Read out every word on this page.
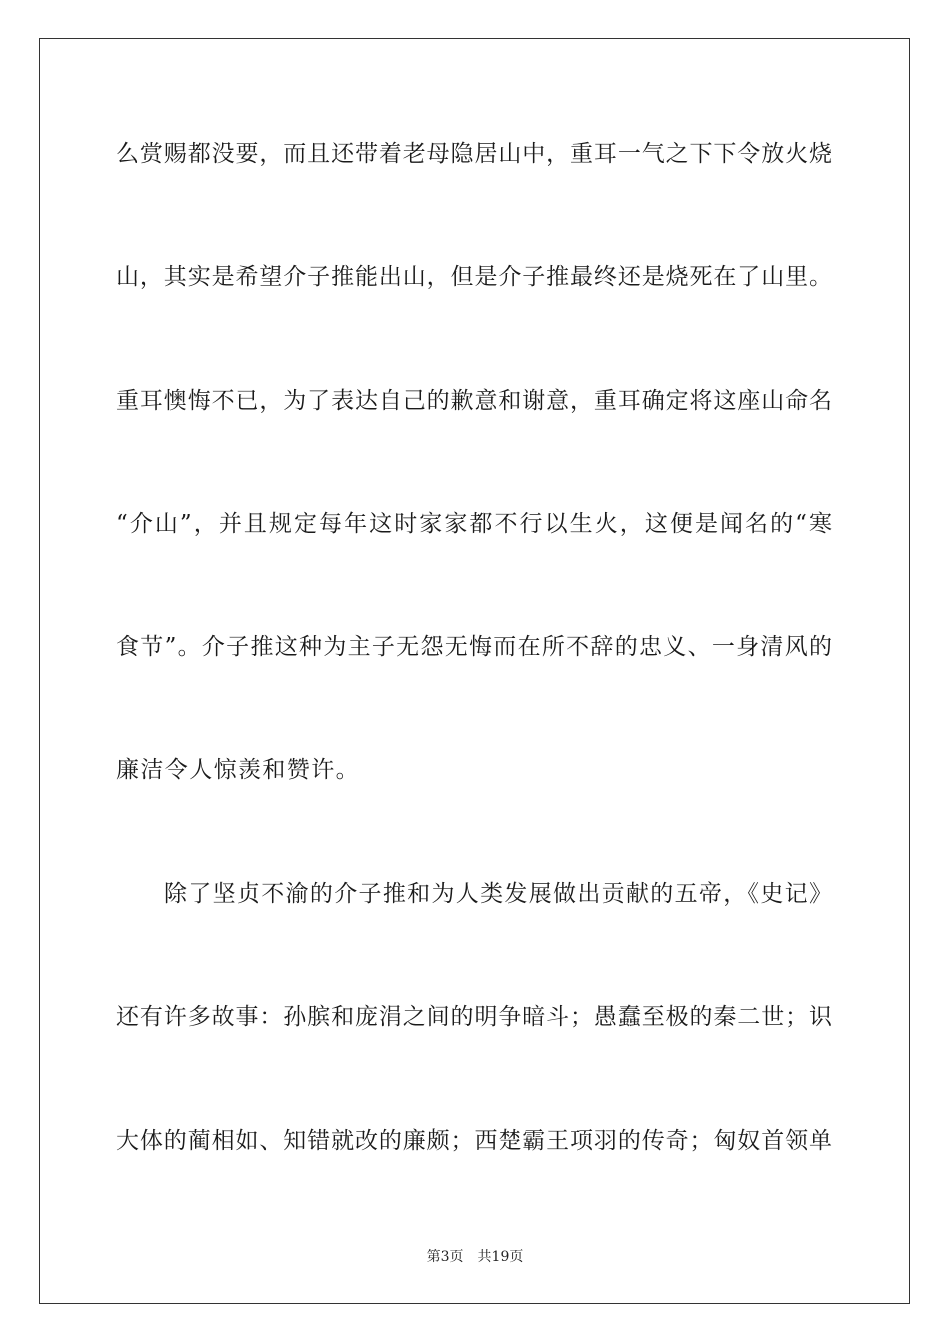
么赏赐都没要，而且还带着老母隐居山中，重耳一气之下下令放火烧
山，其实是希望介子推能出山，但是介子推最终还是烧死在了山里。
重耳懊悔不已，为了表达自己的歉意和谢意，重耳确定将这座山命名
“介山”，并且规定每年这时家家都不行以生火，这便是闻名的“寒
食节”。介子推这种为主子无怨无悔而在所不辞的忠义、一身清风的
廉洁令人惊羡和赞许。
除了坚贞不渝的介子推和为人类发展做出贡献的五帝，《史记》
还有许多故事：孙膑和庞涓之间的明争暗斗；愚蠢至极的秦二世；识
大体的蔺相如、知错就改的廉颇；西楚霸王项羽的传奇；匈奴首领单
第3页 共19页
